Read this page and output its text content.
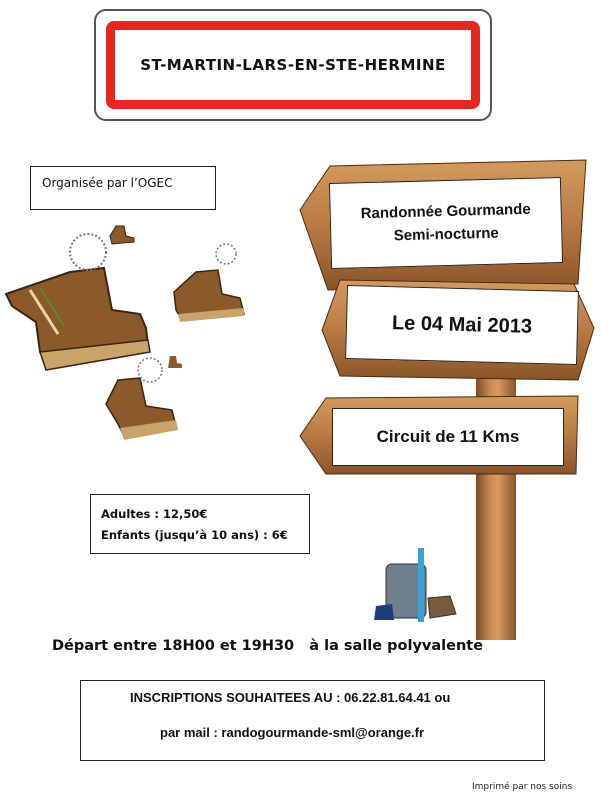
ST-MARTIN-LARS-EN-STE-HERMINE
Organisée par l’OGEC
Adultes : 12,50€
Enfants (jusqu’à 10 ans) : 6€
Randonnée Gourmande
Semi-nocturne
Le 04 Mai 2013
Circuit de 11 Kms
Départ entre 18H00 et 19H30   à la salle polyvalente
INSCRIPTIONS SOUHAITEES AU : 06.22.81.64.41 ou
par mail : randogourmande-sml@orange.fr
Imprimé par nos soins
